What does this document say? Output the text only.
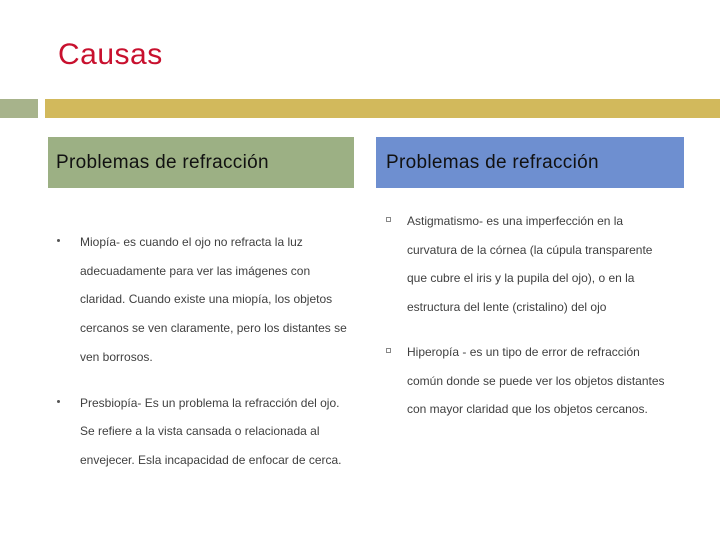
Causas
Problemas de refracción	Problemas de refracción
Miopía- es cuando el ojo no refracta la luz
adecuadamente para ver las imágenes con
claridad. Cuando existe una miopía, los objetos
cercanos se ven claramente, pero los distantes se
ven borrosos.
Presbiopía- Es un problema la refracción del ojo.
Se refiere a la vista cansada o relacionada al
envejecer. Esla incapacidad de enfocar de cerca.
Astigmatismo- es una imperfección en la
curvatura de la córnea (la cúpula transparente
que cubre el iris y la pupila del ojo), o en la
estructura del lente (cristalino) del ojo
Hiperopía - es un tipo de error de refracción
común donde se puede ver los objetos distantes
con mayor claridad que los objetos cercanos.
